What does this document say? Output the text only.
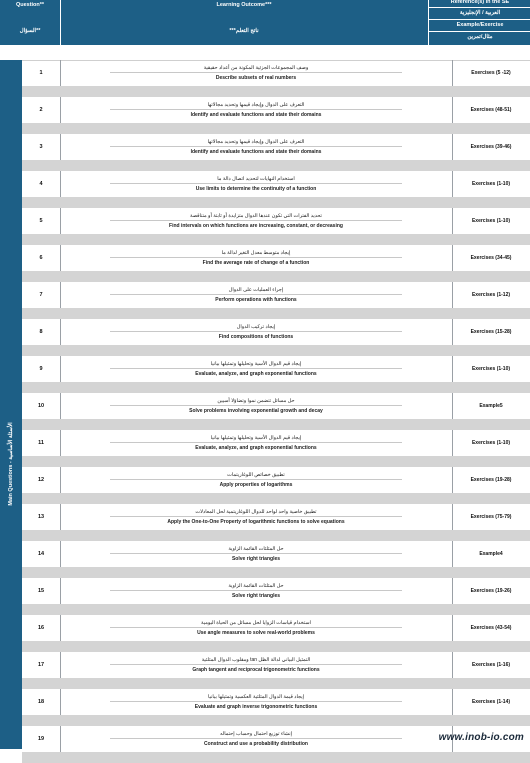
Question**
السؤال**
Learning Outcome***
ناتج التعلم***
Reference(s) in the SE
العربية / الإنجليزية
Example/Exercise
مثال/تمرين
Main Questions - الأسئلة الأساسية
1
وصف المجموعات الجزئية المكونة من أعداد حقيقية
Describe subsets of real numbers
Exercises (5 -12)
2
التعرف على الدوال وإيجاد قيمها وتحديد مجالاتها
Identify and evaluate functions and state their domains
Exercises (48-51)
3
التعرف على الدوال وإيجاد قيمها وتحديد مجالاتها
Identify and evaluate functions and state their domains
Exercises (39-46)
4
استخدام النهايات لتحديد اتصال دالة ما
Use limits to determine the continuity of a function
Exercises (1-10)
5
تحديد الفترات التي تكون عندها الدوال متزايدة أو ثابتة أو متناقصة
Find intervals on which functions are increasing, constant, or decreasing
Exercises (1-10)
6
إيجاد متوسط معدل التغير لدالة ما
Find the average rate of change of a function
Exercises (34-45)
7
إجراء العمليات على الدوال
Perform operations with functions
Exercises (1-12)
8
إيجاد تركيب الدوال
Find compositions of functions
Exercises (15-28)
9
إيجاد قيم الدوال الأسية وتحليلها وتمثيلها بيانيا
Evaluate, analyze, and graph exponential functions
Exercises (1-10)
10
حل مسائل تتضمن نموا وتضاؤلا أسيين
Solve problems involving exponential growth and decay
Example5
11
إيجاد قيم الدوال الأسية وتحليلها وتمثيلها بيانيا
Evaluate, analyze, and graph exponential functions
Exercises (1-10)
12
تطبيق خصائص اللوغاريتمات
Apply properties of logarithms
Exercises (19-28)
13
تطبيق خاصية واحد لواحد للدوال اللوغاريتمية لحل المعادلات
Apply the One-to-One Property of logarithmic functions to solve equations
Exercises (75-79)
14
حل المثلثات القائمة الزاوية
Solve right triangles
Example4
15
حل المثلثات القائمة الزاوية
Solve right triangles
Exercises (19-26)
16
استخدام قياسات الزوايا لحل مسائل من الحياة اليومية
Use angle measures to solve real-world problems
Exercises (43-54)
17
التمثيل البياني لدالة الظل tan ومقلوب الدوال المثلثية
Graph tangent and reciprocal trigonometric functions
Exercises (1-16)
18
إيجاد قيمة الدوال المثلثية العكسية وتمثيلها بيانيا
Evaluate and graph inverse trigonometric functions
Exercises (1-14)
19
إنشاء توزيع احتمال وحساب إحتماله
Construct and use a probability distribution
www.inob-io.com
